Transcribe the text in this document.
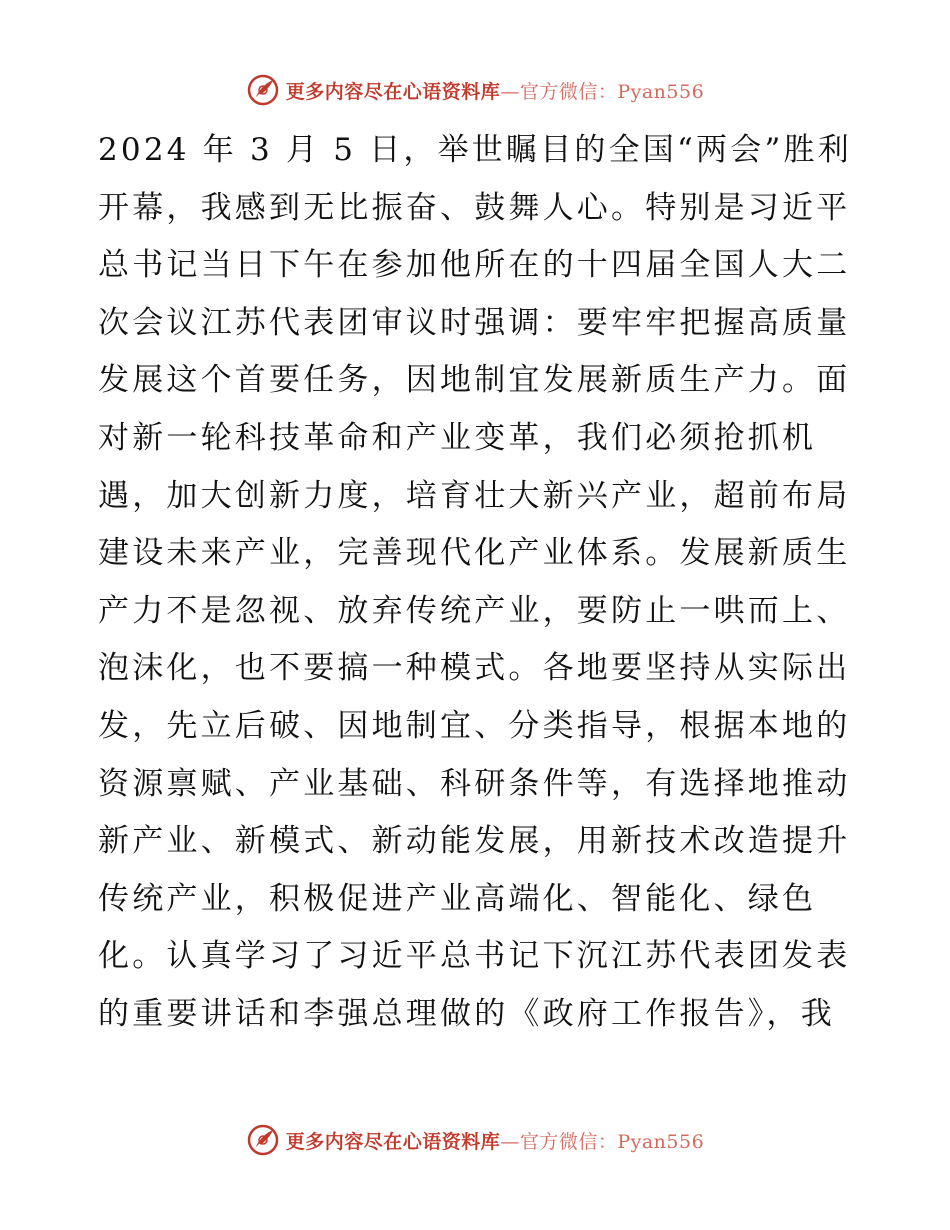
更多内容尽在心语资料库—官方微信：Pyan556
2024 年 3 月 5 日，举世瞩目的全国“两会”胜利
开幕，我感到无比振奋、鼓舞人心。特别是习近平
总书记当日下午在参加他所在的十四届全国人大二
次会议江苏代表团审议时强调：要牢牢把握高质量
发展这个首要任务，因地制宜发展新质生产力。面
对新一轮科技革命和产业变革，我们必须抢抓机
遇，加大创新力度，培育壮大新兴产业，超前布局
建设未来产业，完善现代化产业体系。发展新质生
产力不是忽视、放弃传统产业，要防止一哄而上、
泡沫化，也不要搞一种模式。各地要坚持从实际出
发，先立后破、因地制宜、分类指导，根据本地的
资源禀赋、产业基础、科研条件等，有选择地推动
新产业、新模式、新动能发展，用新技术改造提升
传统产业，积极促进产业高端化、智能化、绿色
化。认真学习了习近平总书记下沉江苏代表团发表
的重要讲话和李强总理做的《政府工作报告》，我
更多内容尽在心语资料库—官方微信：Pyan556
